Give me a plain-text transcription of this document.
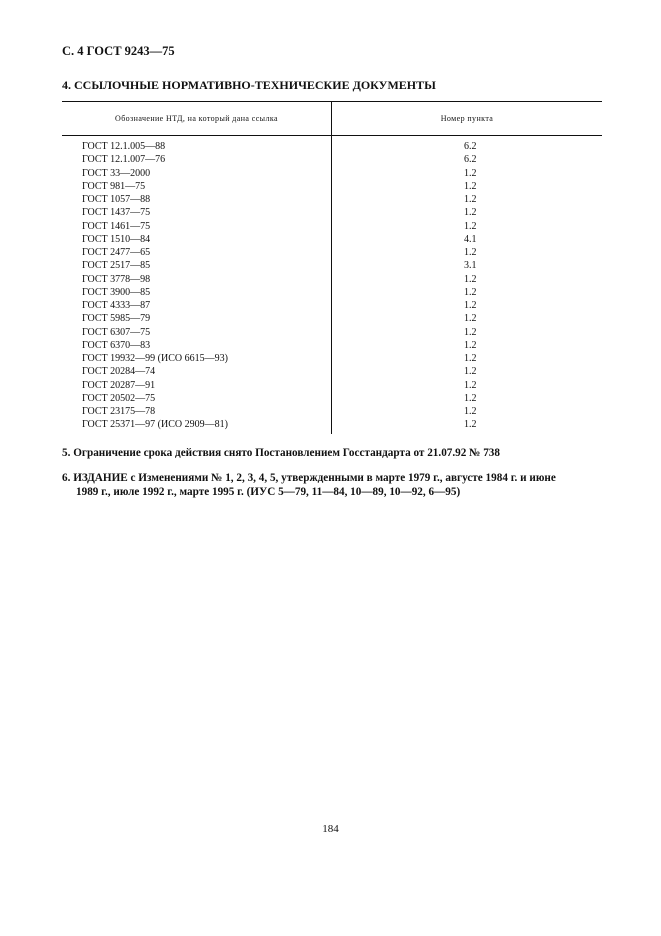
С. 4 ГОСТ 9243—75
4. ССЫЛОЧНЫЕ НОРМАТИВНО-ТЕХНИЧЕСКИЕ ДОКУМЕНТЫ
Обозначение НТД, на который дана ссылка	Номер пункта
ГОСТ 12.1.005—88
ГОСТ 12.1.007—76
ГОСТ 33—2000
ГОСТ 981—75
ГОСТ 1057—88
ГОСТ 1437—75
ГОСТ 1461—75
ГОСТ 1510—84
ГОСТ 2477—65
ГОСТ 2517—85
ГОСТ 3778—98
ГОСТ 3900—85
ГОСТ 4333—87
ГОСТ 5985—79
ГОСТ 6307—75
ГОСТ 6370—83
ГОСТ 19932—99 (ИСО 6615—93)
ГОСТ 20284—74
ГОСТ 20287—91
ГОСТ 20502—75
ГОСТ 23175—78
ГОСТ 25371—97 (ИСО 2909—81)
6.2
6.2
1.2
1.2
1.2
1.2
1.2
4.1
1.2
3.1
1.2
1.2
1.2
1.2
1.2
1.2
1.2
1.2
1.2
1.2
1.2
1.2
5. Ограничение срока действия снято Постановлением Госстандарта от 21.07.92 № 738
6. ИЗДАНИЕ с Изменениями № 1, 2, 3, 4, 5, утвержденными в марте 1979 г., августе 1984 г. и июне
1989 г., июле 1992 г., марте 1995 г. (ИУС 5—79, 11—84, 10—89, 10—92, 6—95)
184
